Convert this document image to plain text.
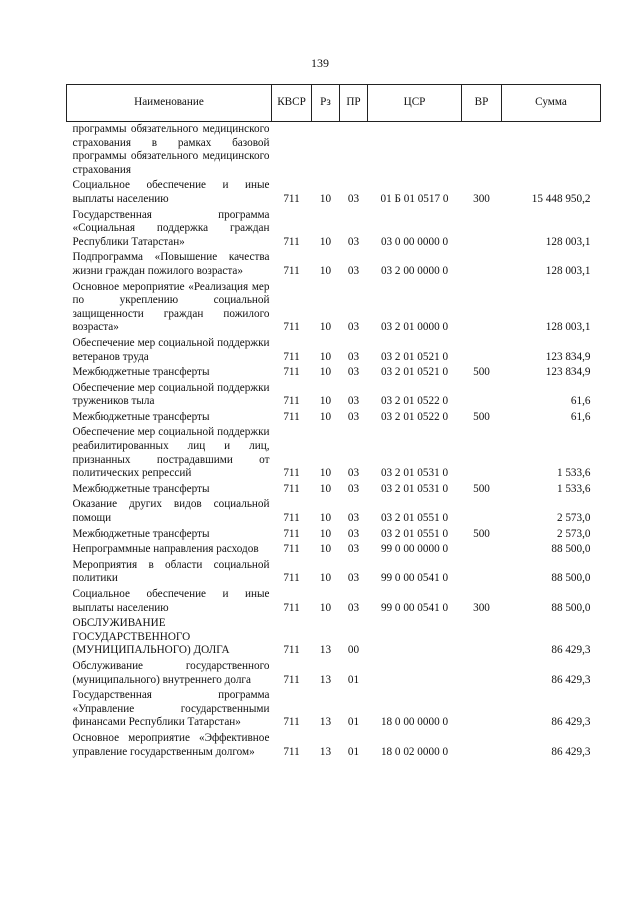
139
Наименование	КВСР	Рз	ПР	ЦСР	ВР	Сумма
программы обязательного медицинского страхования в рамках базовой программы обязательного медицинского страхования						
Социальное обеспечение и иные выплаты населению	711	10	03	01 Б 01 0517 0	300	15 448 950,2
Государственная программа «Социальная поддержка граждан Республики Татарстан»	711	10	03	03 0 00 0000 0		128 003,1
Подпрограмма «Повышение качества жизни граждан пожилого возраста»	711	10	03	03 2 00 0000 0		128 003,1
Основное мероприятие «Реализация мер по укреплению социальной защищенности граждан пожилого возраста»	711	10	03	03 2 01 0000 0		128 003,1
Обеспечение мер социальной поддержки ветеранов труда	711	10	03	03 2 01 0521 0		123 834,9
Межбюджетные трансферты	711	10	03	03 2 01 0521 0	500	123 834,9
Обеспечение мер социальной поддержки тружеников тыла	711	10	03	03 2 01 0522 0		61,6
Межбюджетные трансферты	711	10	03	03 2 01 0522 0	500	61,6
Обеспечение мер социальной поддержки реабилитированных лиц и лиц, признанных пострадавшими от политических репрессий	711	10	03	03 2 01 0531 0		1 533,6
Межбюджетные трансферты	711	10	03	03 2 01 0531 0	500	1 533,6
Оказание других видов социальной помощи	711	10	03	03 2 01 0551 0		2 573,0
Межбюджетные трансферты	711	10	03	03 2 01 0551 0	500	2 573,0
Непрограммные направления расходов	711	10	03	99 0 00 0000 0		88 500,0
Мероприятия в области социальной политики	711	10	03	99 0 00 0541 0		88 500,0
Социальное обеспечение и иные выплаты населению	711	10	03	99 0 00 0541 0	300	88 500,0
ОБСЛУЖИВАНИЕ ГОСУДАРСТВЕННОГО (МУНИЦИПАЛЬНОГО) ДОЛГА	711	13	00			86 429,3
Обслуживание государственного (муниципального) внутреннего долга	711	13	01			86 429,3
Государственная программа «Управление государственными финансами Республики Татарстан»	711	13	01	18 0 00 0000 0		86 429,3
Основное мероприятие «Эффективное управление государственным долгом»	711	13	01	18 0 02 0000 0		86 429,3
